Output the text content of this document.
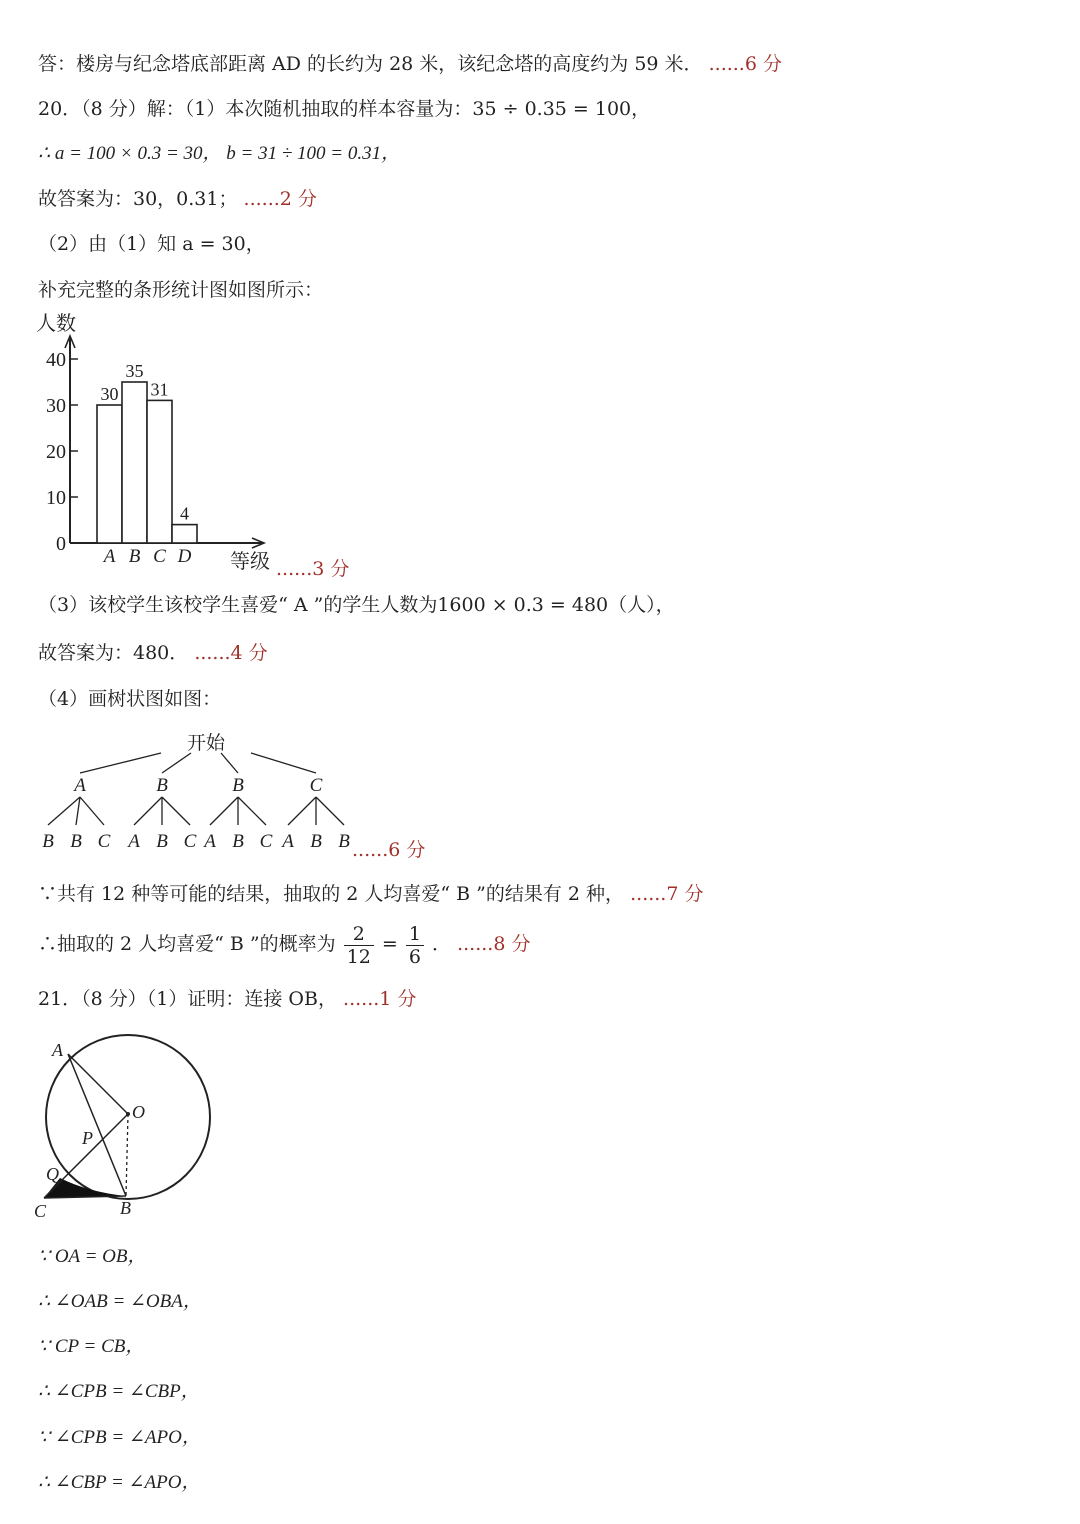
答：楼房与纪念塔底部距离 AD 的长约为 28 米，该纪念塔的高度约为 59 米． ......6 分
20．（8 分）解：（1）本次随机抽取的样本容量为：35 ÷ 0.35 = 100，
∴ a = 100 × 0.3 = 30， b = 31 ÷ 100 = 0.31，
故答案为：30，0.31； ......2 分
（2）由（1）知 a = 30，
补充完整的条形统计图如图所示：
人数
等级
0
10
20
30
40
30
A
35
B
31
C
4
D
......3 分
（3）该校学生该校学生喜爱“ A ”的学生人数为1600 × 0.3 = 480（人），
故答案为：480． ......4 分
（4）画树状图如图：
开始
A
B B C
B
A B C
B
A B C
C
A B B ......6 分
∵共有 12 种等可能的结果，抽取的 2 人均喜爱“ B ”的结果有 2 种， ......7 分
∴抽取的 2 人均喜爱“ B ”的概率为 $\frac{2}{12} = \frac{1}{6}$ ． ......8 分
21．（8 分）（1）证明：连接 OB， ......1 分
A
O
P
Q
C	B
∵ OA = OB，
∴ ∠OAB = ∠OBA，
∵ CP = CB，
∴ ∠CPB = ∠CBP，
∵ ∠CPB = ∠APO，
∴ ∠CBP = ∠APO，
